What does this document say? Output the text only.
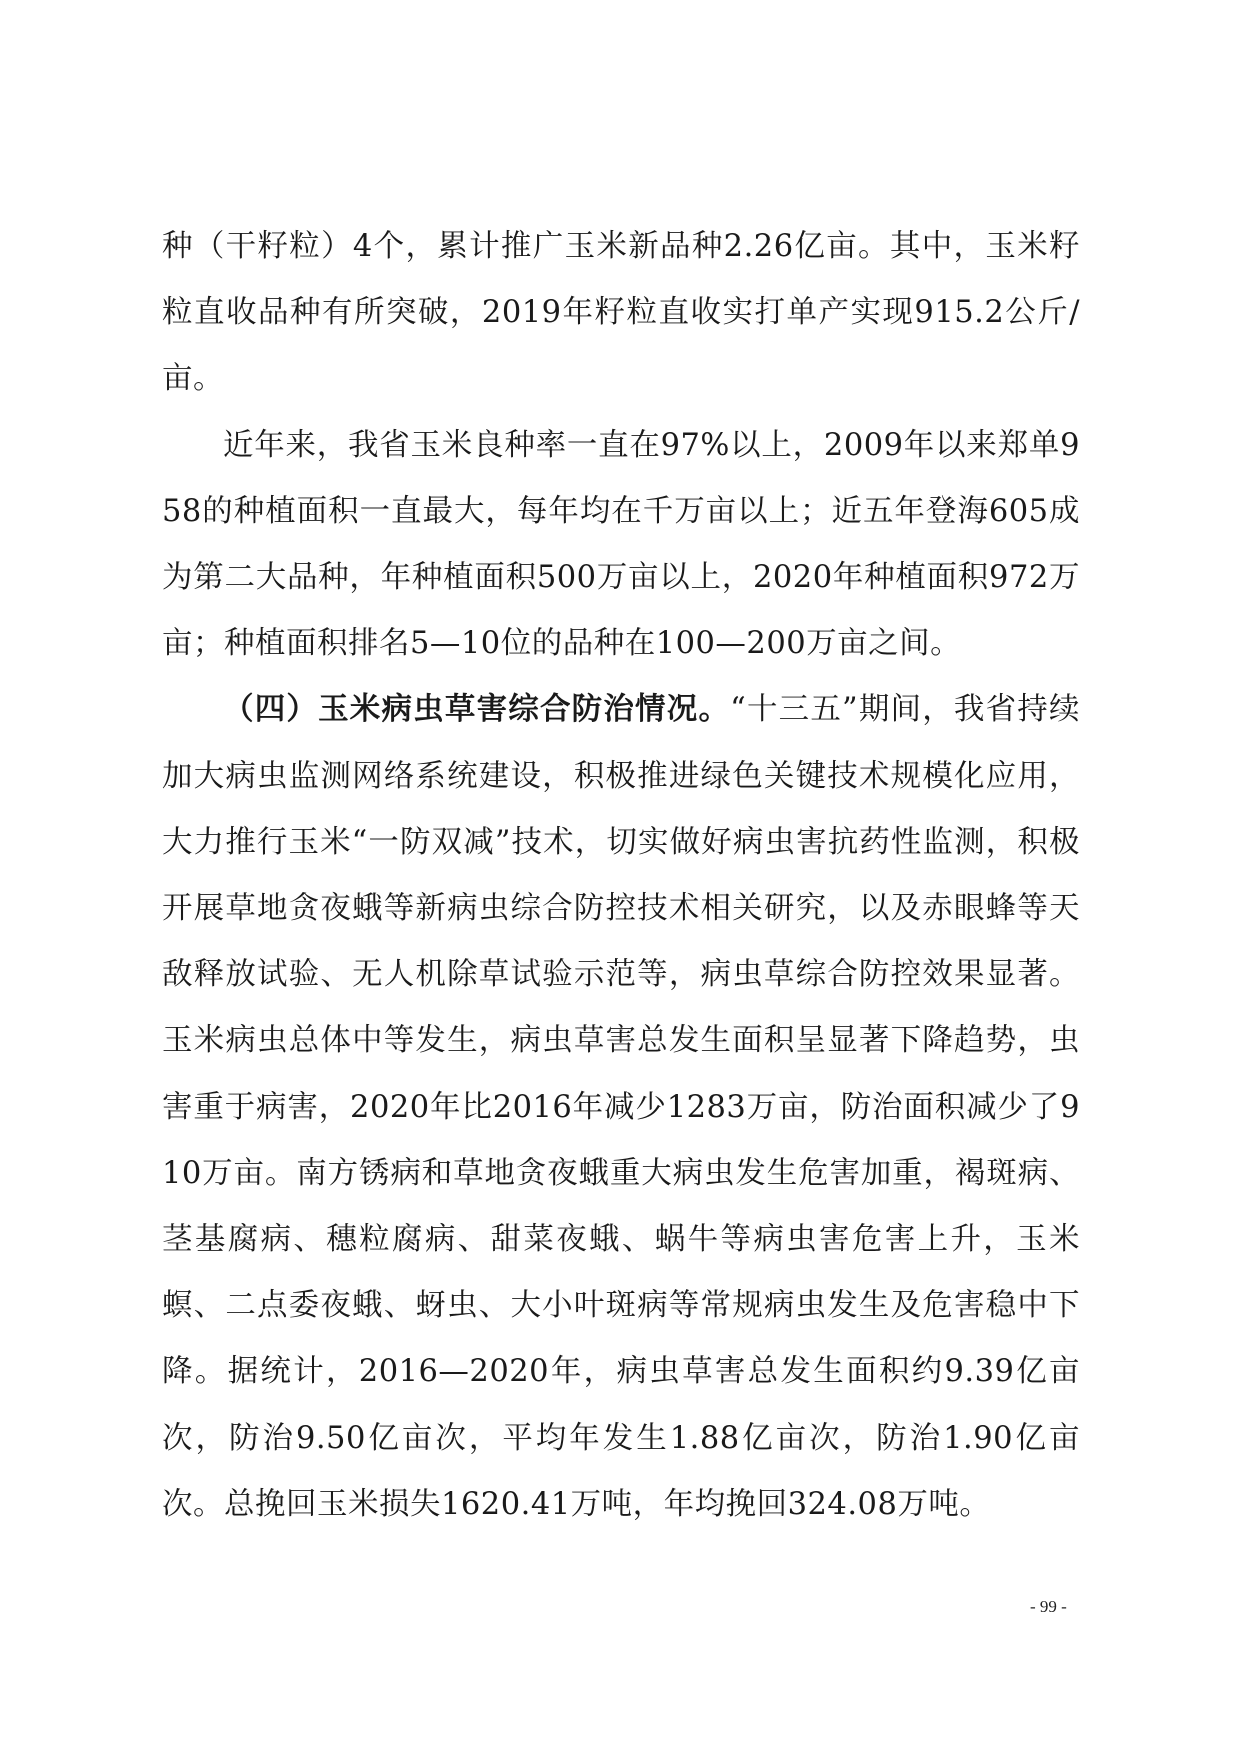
种（干籽粒）4个，累计推广玉米新品种2.26亿亩。其中，玉米籽粒直收品种有所突破，2019年籽粒直收实打单产实现915.2公斤/亩。

近年来，我省玉米良种率一直在97%以上，2009年以来郑单958的种植面积一直最大，每年均在千万亩以上；近五年登海605成为第二大品种，年种植面积500万亩以上，2020年种植面积972万亩；种植面积排名5—10位的品种在100—200万亩之间。

（四）玉米病虫草害综合防治情况。“十三五”期间，我省持续加大病虫监测网络系统建设，积极推进绿色关键技术规模化应用，大力推行玉米“一防双减”技术，切实做好病虫害抗药性监测，积极开展草地贪夜蛾等新病虫综合防控技术相关研究，以及赤眼蜂等天敌释放试验、无人机除草试验示范等，病虫草综合防控效果显著。玉米病虫总体中等发生，病虫草害总发生面积呈显著下降趋势，虫害重于病害，2020年比2016年减少1283万亩，防治面积减少了910万亩。南方锈病和草地贪夜蛾重大病虫发生危害加重，褐斑病、茎基腐病、穗粒腐病、甜菜夜蛾、蜗牛等病虫害危害上升，玉米螟、二点委夜蛾、蚜虫、大小叶斑病等常规病虫发生及危害稳中下降。据统计，2016—2020年，病虫草害总发生面积约9.39亿亩次，防治9.50亿亩次，平均年发生1.88亿亩次，防治1.90亿亩次。总挽回玉米损失1620.41万吨，年均挽回324.08万吨。

- 99 -
